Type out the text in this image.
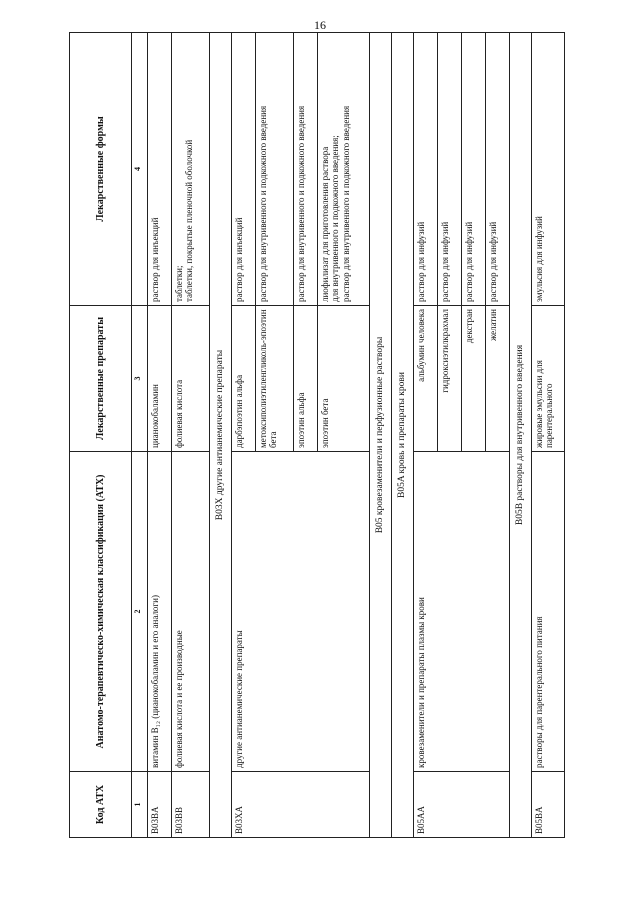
16
Код АТХ	Анатомо-терапевтическо-химическая классификация (АТХ)	Лекарственные препараты	Лекарственные формы
1	2	3	4
B03BA	витамин B₁₂ (цианокобаламин и его аналоги)	цианокобаламин	раствор для инъекций
B03BB	фолиевая кислота и ее производные	фолиевая кислота	таблетки; таблетки, покрытые пленочной оболочкой

B03X другие антианемические препараты			
B03XA	другие антианемические препараты	дарбэпоэтин альфа	раствор для инъекций
		метоксиполиэтиленгликоль-эпоэтин бета	раствор для внутривенного и подкожного введения
		эпоэтин альфа	раствор для внутривенного и подкожного введения
		эпоэтин бета	лиофилизат для приготовления раствора для внутривенного и подкожного введения; раствор для внутривенного и подкожного введения

B05 кровезаменители и перфузионные растворы			
B05A кровь и препараты крови			
B05AA	кровезаменители и препараты плазмы крови	альбумин человека	раствор для инфузий
		гидроксиэтилкрахмал	раствор для инфузий
		декстран	раствор для инфузий
		желатин	раствор для инфузий
B05B растворы для внутривенного введения			
B05BA	растворы для парентерального питания	жировые эмульсии для парентерального	эмульсия для инфузий
